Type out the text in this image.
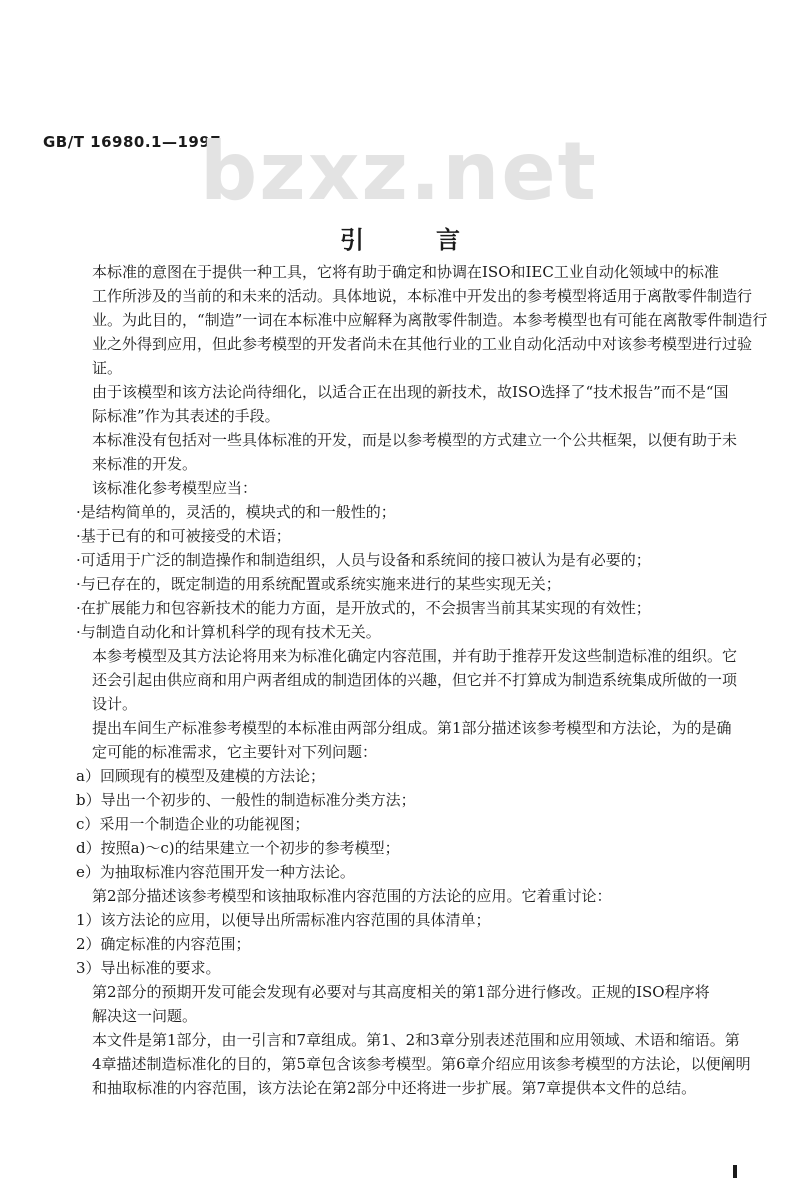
GB/T 16980.1—1997
bzxz.net
引言

本标准的意图在于提供一种工具，它将有助于确定和协调在ISO和IEC工业自动化领域中的标准
工作所涉及的当前的和未来的活动。具体地说，本标准中开发出的参考模型将适用于离散零件制造行
业。为此目的，“制造”一词在本标准中应解释为离散零件制造。本参考模型也有可能在离散零件制造行
业之外得到应用，但此参考模型的开发者尚未在其他行业的工业自动化活动中对该参考模型进行过验
证。

由于该模型和该方法论尚待细化，以适合正在出现的新技术，故ISO选择了“技术报告”而不是“国
际标准”作为其表述的手段。

本标准没有包括对一些具体标准的开发，而是以参考模型的方式建立一个公共框架，以便有助于未
来标准的开发。

该标准化参考模型应当：

·是结构简单的，灵活的，模块式的和一般性的；

·基于已有的和可被接受的术语；

·可适用于广泛的制造操作和制造组织，人员与设备和系统间的接口被认为是有必要的；

·与已存在的，既定制造的用系统配置或系统实施来进行的某些实现无关；

·在扩展能力和包容新技术的能力方面，是开放式的，不会损害当前其某实现的有效性；

·与制造自动化和计算机科学的现有技术无关。

本参考模型及其方法论将用来为标准化确定内容范围，并有助于推荐开发这些制造标准的组织。它
还会引起由供应商和用户两者组成的制造团体的兴趣，但它并不打算成为制造系统集成所做的一项
设计。

提出车间生产标准参考模型的本标准由两部分组成。第1部分描述该参考模型和方法论，为的是确
定可能的标准需求，它主要针对下列问题：

a）回顾现有的模型及建模的方法论；

b）导出一个初步的、一般性的制造标准分类方法；

c）采用一个制造企业的功能视图；

d）按照a)～c)的结果建立一个初步的参考模型；

e）为抽取标准内容范围开发一种方法论。

第2部分描述该参考模型和该抽取标准内容范围的方法论的应用。它着重讨论：

1）该方法论的应用，以便导出所需标准内容范围的具体清单；

2）确定标准的内容范围；

3）导出标准的要求。

第2部分的预期开发可能会发现有必要对与其高度相关的第1部分进行修改。正规的ISO程序将
解决这一问题。

本文件是第1部分，由一引言和7章组成。第1、2和3章分别表述范围和应用领域、术语和缩语。第
4章描述制造标准化的目的，第5章包含该参考模型。第6章介绍应用该参考模型的方法论，以便阐明
和抽取标准的内容范围，该方法论在第2部分中还将进一步扩展。第7章提供本文件的总结。
